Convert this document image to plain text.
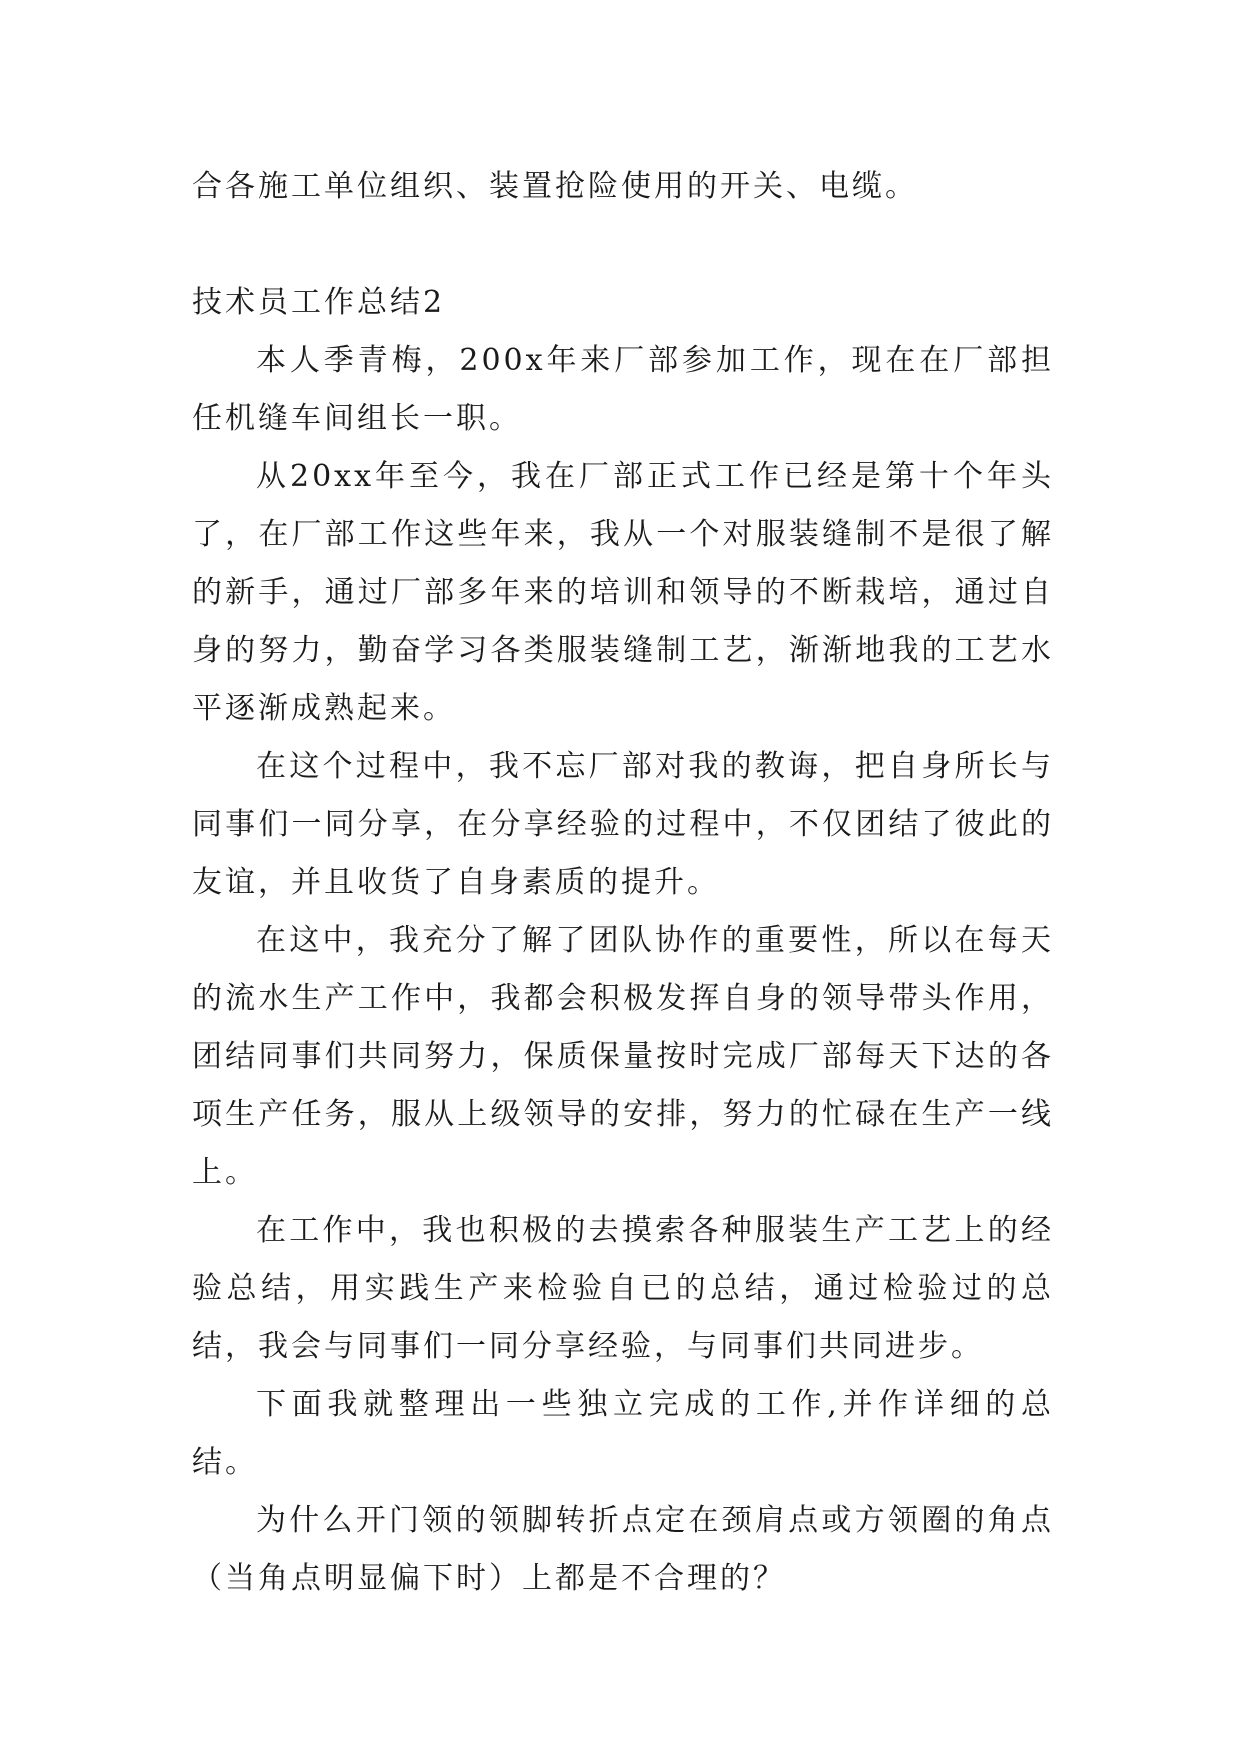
合各施工单位组织、装置抢险使用的开关、电缆。

技术员工作总结2

本人季青梅，200x年来厂部参加工作，现在在厂部担任机缝车间组长一职。

从20xx年至今，我在厂部正式工作已经是第十个年头了，在厂部工作这些年来，我从一个对服装缝制不是很了解的新手，通过厂部多年来的培训和领导的不断栽培，通过自身的努力，勤奋学习各类服装缝制工艺，渐渐地我的工艺水平逐渐成熟起来。

在这个过程中，我不忘厂部对我的教诲，把自身所长与同事们一同分享，在分享经验的过程中，不仅团结了彼此的友谊，并且收货了自身素质的提升。

在这中，我充分了解了团队协作的重要性，所以在每天的流水生产工作中，我都会积极发挥自身的领导带头作用，团结同事们共同努力，保质保量按时完成厂部每天下达的各项生产任务，服从上级领导的安排，努力的忙碌在生产一线上。

在工作中，我也积极的去摸索各种服装生产工艺上的经验总结，用实践生产来检验自已的总结，通过检验过的总结，我会与同事们一同分享经验，与同事们共同进步。

下面我就整理出一些独立完成的工作,并作详细的总结。

为什么开门领的领脚转折点定在颈肩点或方领圈的角点（当角点明显偏下时）上都是不合理的？
